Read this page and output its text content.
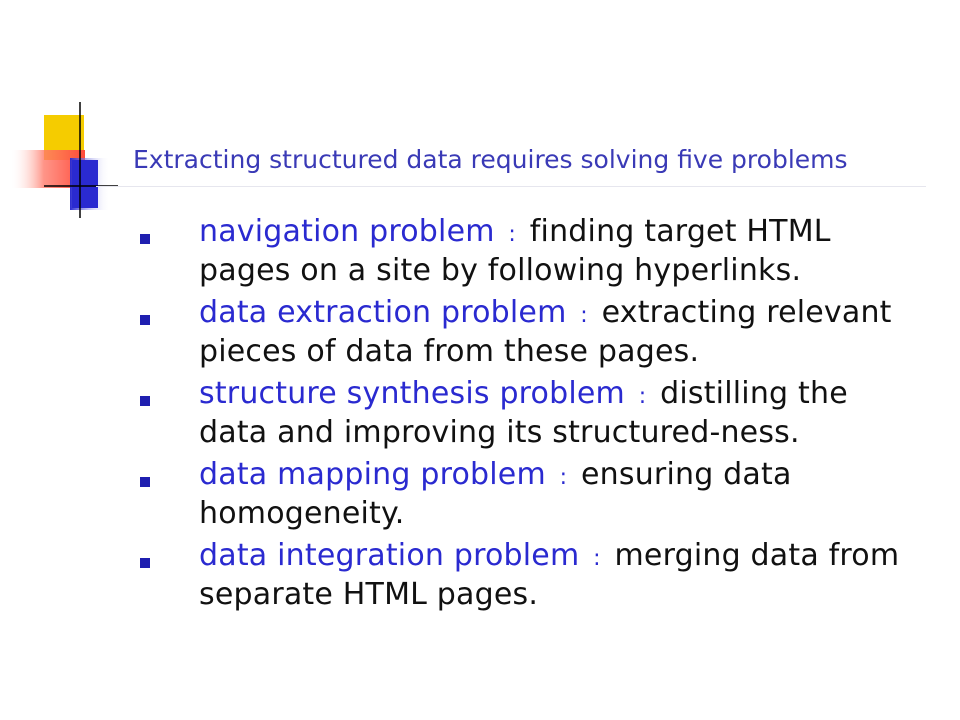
Extracting structured data requires solving five problems
navigation problem : finding target HTML pages on a site by following hyperlinks.
data extraction problem : extracting relevant pieces of data from these pages.
structure synthesis problem : distilling the data and improving its structured-ness.
data mapping problem : ensuring data homogeneity.
data integration problem : merging data from separate HTML pages.
